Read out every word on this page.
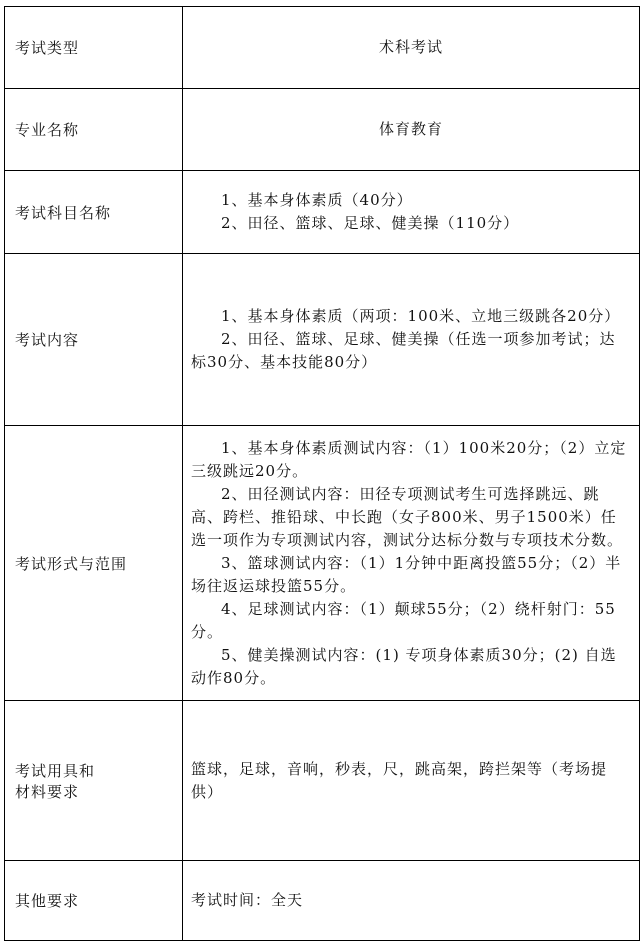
考试类型	术科考试
专业名称	体育教育
考试科目名称	1、基本身体素质（40分）
2、田径、篮球、足球、健美操（110分）

考试内容	1、基本身体素质（两项：100米、立地三级跳各20分）
2、田径、篮球、足球、健美操（任选一项参加考试；达标30分、基本技能80分）

考试形式与范围	1、基本身体素质测试内容：（1）100米20分；（2）立定三级跳远20分。
2、田径测试内容：田径专项测试考生可选择跳远、跳高、跨栏、推铅球、中长跑（女子800米、男子1500米）任选一项作为专项测试内容，测试分达标分数与专项技术分数。
3、篮球测试内容：（1）1分钟中距离投篮55分；（2）半场往返运球投篮55分。
4、足球测试内容：（1）颠球55分；（2）绕杆射门：55分。
5、健美操测试内容：(1) 专项身体素质30分；(2) 自选动作80分。

考试用具和
材料要求	篮球，足球，音响，秒表，尺，跳高架，跨拦架等（考场提供）
其他要求	考试时间：全天
